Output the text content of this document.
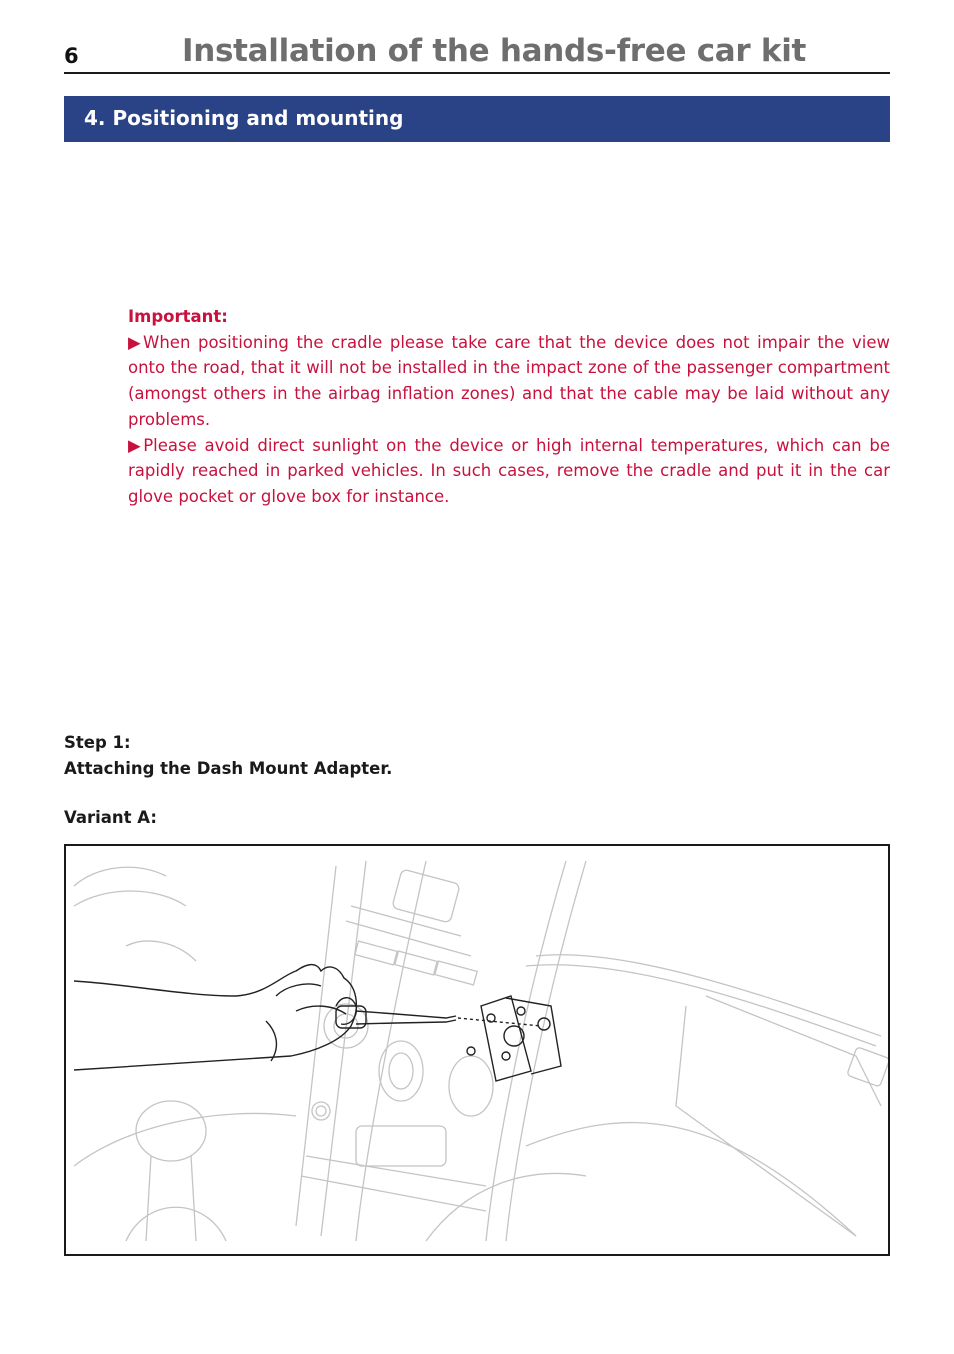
6	Installation of the hands-free car kit
4. Positioning and mounting
Important:

▶When positioning the cradle please take care that the device does not impair the view onto the road, that it will not be installed in the impact zone of the passenger compartment (amongst others in the airbag inflation zones) and that the cable may be laid without any problems.

▶Please avoid direct sunlight on the device or high internal temperatures, which can be rapidly reached in parked vehicles. In such cases, remove the cradle and put it in the car glove pocket or glove box for instance.

Step 1:
Attaching the Dash Mount Adapter.
Variant A:
